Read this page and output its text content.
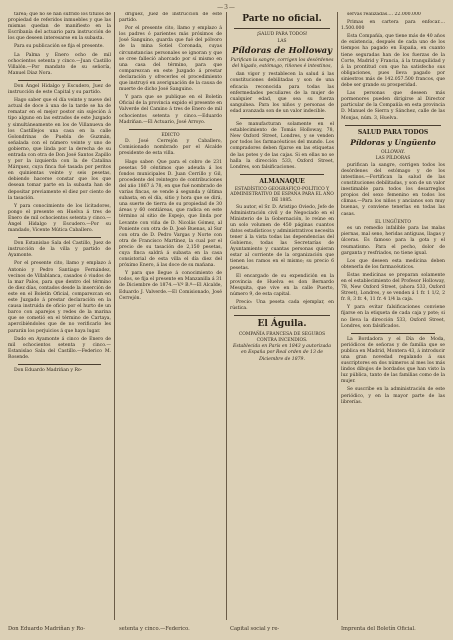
—3—

tarea; que no se han sufrido los títulos de propiedad de referidos inmuebles y que las mismas quedan de manifiesto en la Escribanía del actuario para instrucción de los que deseen interesarse en la subasta.

Para su publicación se fija el presente.

La Palma y Enero ocho de mil ochocientos setenta y cinco.—Juan Castillo Villalón.—Por mandato de su señoría, Manuel Díaz Nora.

Don Ángel Hidalgo y Escudero, Juez de instrucción de este Capital y su partido.

Hago saber que el día veinte y nueve del actual de doce á una de la tarde se ha de rematar en el mejor postor sin sujeción á tipo alguno en las estrados de este Juzgado y simultáneamente en los de Villanueva de los Castillejos una casa en la calle Golondrinas de Puebla de Guzmán, señalada con el número veinte y uno de gobierno, que linda por la derecha de su entrada con otra de Don José Santos Zapillo y por la izquierda con la de Catalina Márquez, cuya finca fué tasada por peritos en quinientas veinte y seis pesetas, debiendo hacerse constar que los que desean tomar parte en la subasta han de depositar previamente el diez por ciento de la tasación.

Y para conocimiento de los licitadores, pongo el presente en Huelva á tres de Enero de mil ochocientos setenta y cinco.—Ángel Hidalgo y Escudero.—Por su mandado, Vicente Mútica Caballero.

Don Estanislao Sala del Castillo, Juez de instrucción de la villa y partido de Ayamonte.

Por el presente cito, llamo y emplazo á Antonio y Pedro Santiago Fernández, vecinos de Villablanca, casados ó viudos de la mar Palos, para que dentro del término de diez días, contados desde la inserción de este en el Boletín Oficial, comparezcan en este Juzgado á prestar declaración en la causa instruida de oficio por el hurto de un barco con aparejos y redes de la marina que se cometió en el término de Cartaya, apercibiéndoles que de no verificarlo les pararán los perjuicios á que haya lugar.

Dado en Ayamonte á cinco de Enero de mil ochocientos setenta y cinco.—Estanislao Sala del Castillo.—Federico M. Rosende.

Don Eduardo Madriñan y Ro-

dríguez, Juez de instrucción de este partido.

Por el presente cito, llamo y emplazo á los padres ó parientes más próximos de José Sanguino, guarda que fué del pólvoro de la mina Sotiel Coronada, cuyas circunstancias personales se ignoran y que se cree falleció ahorcado por sí mismo en una casa del término, para que comparezcan en este Juzgado á prestar declaración y ofrecerles el procedimiento que instruyó en averiguación de la causa de muerte de dicho José Sanguino.

Y para que se publique en el Boletín Oficial de la provincia expido el presente en Valverde del Camino á tres de Enero de mil ochocientos setenta y cinco.—Eduardo Madriñan.—El Actuario, José Arroyo.

EDICTO

D. José Cerrejón y Caballero, Comisionado nombrado por el Alcalde presidente de esta villa.

Hago saber: Que para el cobro de 231 pesetas 50 céntimos que adeuda á los fondos municipales D. Juan Cerrillo y Gil, procedente del reintegro de contribuciones del año 1867 á 78, en que fué nombrado de varias fincas, se vende á segunda y última subasta, en el día, sitio y hora que se dirá, una suerte de tierra de su propiedad de 30 áreas y 60 centiáreas, que radica en este término al sitio de Espejo, que linda por Levante con viña de D. Nicolás Gómez, al Poniente con otra de D. José Buenas, al Sur con otra de D. Pedro Vargas y Norte con otra de Francisco Martínez, la cual por el precio de su tasación de 2,150 pesetas, cuya finca saldrá á subasta en la casa consistorial de esta villa el día diez del próximo Enero, á las doce de su mañana.

Y para que llegue á conocimiento de todos, se fija el presente en Manzanilla á 31 de Diciembre de 1874.—V.º B.º—El Alcalde, Eduardo J. Valverde.—El Comisionado, José Cerrejón.

Parte no oficial.
¡SALUD PARA TODOS!
LAS
Píldoras de Holloway

Purifican la sangre, corrigen los desórdenes del hígado, estómago, riñones é intestinos,

dan vigor y restablecen la salud á las constituciones debilitadas y son de una eficacia reconocida para todas las enfermedades peculiares de la mujer de cualquier edad, que sea su fuerza sanguínea. Para los niños y personas de edad avanzada son de un valor indecible.

Se manufacturan solamente en el establecimiento de Tomás Holloway, 78, New Oxford Street, Londres, y se venden por todos los farmacéuticos del mundo. Los compradores deben fijarse en las etiquetas de las potes y de las cajas. Si en ellas no se halla la dirección 533, Oxford Street, Londres, son falsificaciones.

ALMANAQUE
ESTADÍSTICO GEOGRÁFICO-POLÍTICO Y ADMINISTRATIVO DE ESPAÑA PARA EL AÑO DE 1885.

Su autor, el Sr. D. Aristipo Oviedo, Jefe de Administración civil y de Negociado en el Ministerio de la Gobernación, lo reúne en un solo volumen de 450 páginas cuantos datos estadísticos y administrativos necesita tener á la vista todas las dependencias del Gobierno, todas las Secretarías de Ayuntamiento y cuantas personas quieran estar al corriente de la organización que tienen los ramos en el mismo; su precio 6 pesetas.

El encargado de su expendición en la provincia de Huelva es don Bernardo Mesquita, que vive en la calle Puerto, número 9, de esta capital.

Precio: Una peseta cada ejemplar, en rústica.

El Águila.
COMPAÑÍA FRANCESA DE SEGUROS CONTRA INCENDIOS.

Establecida en París en 1843 y autorizada en España por Real orden de 13 de Diciembre de 1879.

servas realizadas.... 22.000.000

Primas en cartera para enfocar.... 1.500.000

Esta Compañía, que tiene más de 40 años de existencia, después de cada uno de los tiempos ha pagado en España, en cuanto tiene seguradas han de los fuerzas de la Corte, Madrid y Francia, á la tranquilidad y á la prontitud con que ha satisfecho sus obligaciones, pues lleva pagado por siniestros más de 142.057.500 francos, que debe ser grande su prosperidad.

Las personas que deseen más pormenores pueden dirigirse al Director particular de la Compañía en esta provincia D. Manuel de Sierra y Sánchez, calle de las Monjas, núm. 3, Huelva.

SALUD PARA TODOS
Píldoras y Ungüento
OLLOWAY.
LAS PÍLDORAS

purifican la sangre, corrigen todos los desórdenes del estómago y de los intestinos.—Fortifican la salud de las constituciones debilitadas, y son de un valor inestimable para todos los desarreglos propios del sexo femenino en todos los climas.—Para los niños y ancianos son muy buenas, y conviene tenerlas en todas las casas.

EL UNGÜENTO

es un remedio infalible para las malas piernas, mal seno, heridas antiguas, llagas y úlceras. Es famoso para la gota y el reumatismo. Para el pecho, dolor de garganta y resfriados, no tiene igual.

Los que deseen esta medicina deben obtenerla de los farmacéuticos.

Estas medicinas se preparan solamente en el establecimiento del Profesor Holloway, 78, New Oxford Street, (ahora 533, Oxford Street), Londres, y se venden á 1 fr. 1 1/2, 2 fr. 8, 3 fr. 4, 11 fr. 4 1/4 la caja.

Y para evitar falsificaciones conviene fijarse en la etiqueta de cada caja y pote; si no lleva la dirección 533, Oxford Street, Londres, son falsificados.

La Bordadora y el Día de Moda, periódicos de señoras y de familia que se publica en Madrid, Montera 43, á introducir una gran novedad regalando á sus suscriptores en dos números al mes los más lindos dibujos de bordados que han visto la luz pública, tanto de las familias como de la mujer.

Se suscribe en la administración de este periódico, y en la mayor parte de las librerías.

Don Eduardo Madriñan y Ro-	setenta y cinco.—Federico.	Capital social y re-	Imprenta del Boletín Oficial.
